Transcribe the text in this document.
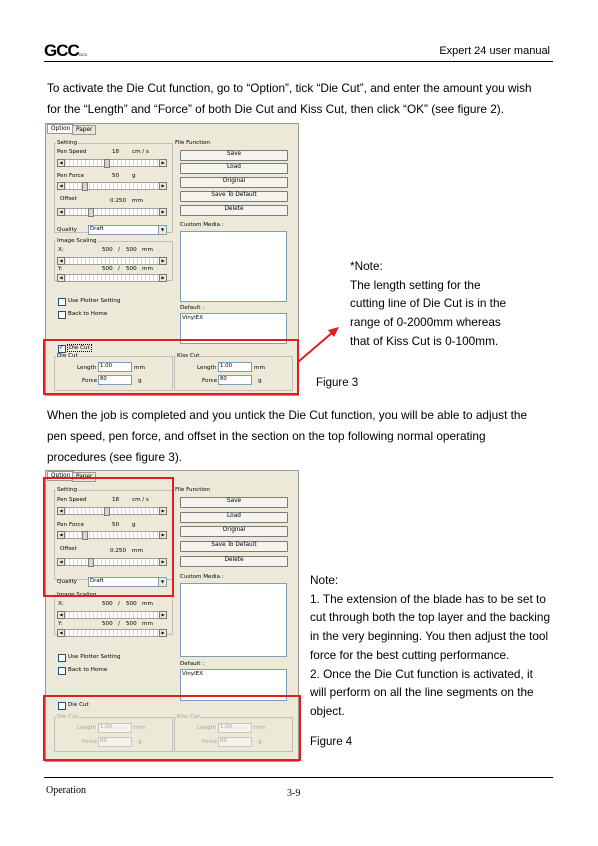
GCCGCC	Expert 24 user manual
To activate the Die Cut function, go to “Option”, tick “Die Cut”, and enter the amount you wish
for the “Length” and “Force” of both Die Cut and Kiss Cut, then click “OK” (see figure 2).
Option Paper
Setting
Pen Speed	18 cm / s
◀	▶
Pen Force	50 g
◀	▶
Offset	0.250 mm
◀	▶
Quality	Draft	▼
Image Scaling
X:	500 / 500 mm
◀	▶
Y:	500 / 500 mm
◀	▶
Use Plotter Setting
Back to Home
File Function
Save
Load
Original
Save To Default
Delete
Custom Media :
Default :
VinylEX
✓ Die Cut
Die Cut
Length 1.00	mm
Force 80	g
Kiss Cut
Length 1.00	mm
Force 80	g
*Note:
The length setting for the
cutting line of Die Cut is in the
range of 0-2000mm whereas
that of Kiss Cut is 0-100mm.
Figure 3
When the job is completed and you untick the Die Cut function, you will be able to adjust the
pen speed, pen force, and offset in the section on the top following normal operating
procedures (see figure 3).
Option Paper
Setting
Pen Speed	18 cm / s
◀	▶
Pen Force	50 g
◀	▶
Offset	0.250 mm
◀	▶
Quality	Draft	▼
Image Scaling
X:	500 / 500 mm
◀	▶
Y:	500 / 500 mm
◀	▶
Use Plotter Setting
Back to Home
File Function
Save
Load
Original
Save To Default
Delete
Custom Media :
Default :
VinylEX
Die Cut
Die Cut
Length 1.00	mm
Force 80	g
Kiss Cut
Length 1.00	mm
Force 80	g
Note:
1. The extension of the blade has to be set to
cut through both the top layer and the backing
in the very beginning. You then adjust the tool
force for the best cutting performance.
2. Once the Die Cut function is activated, it
will perform on all the line segments on the
object.
Figure 4
Operation	3-9
